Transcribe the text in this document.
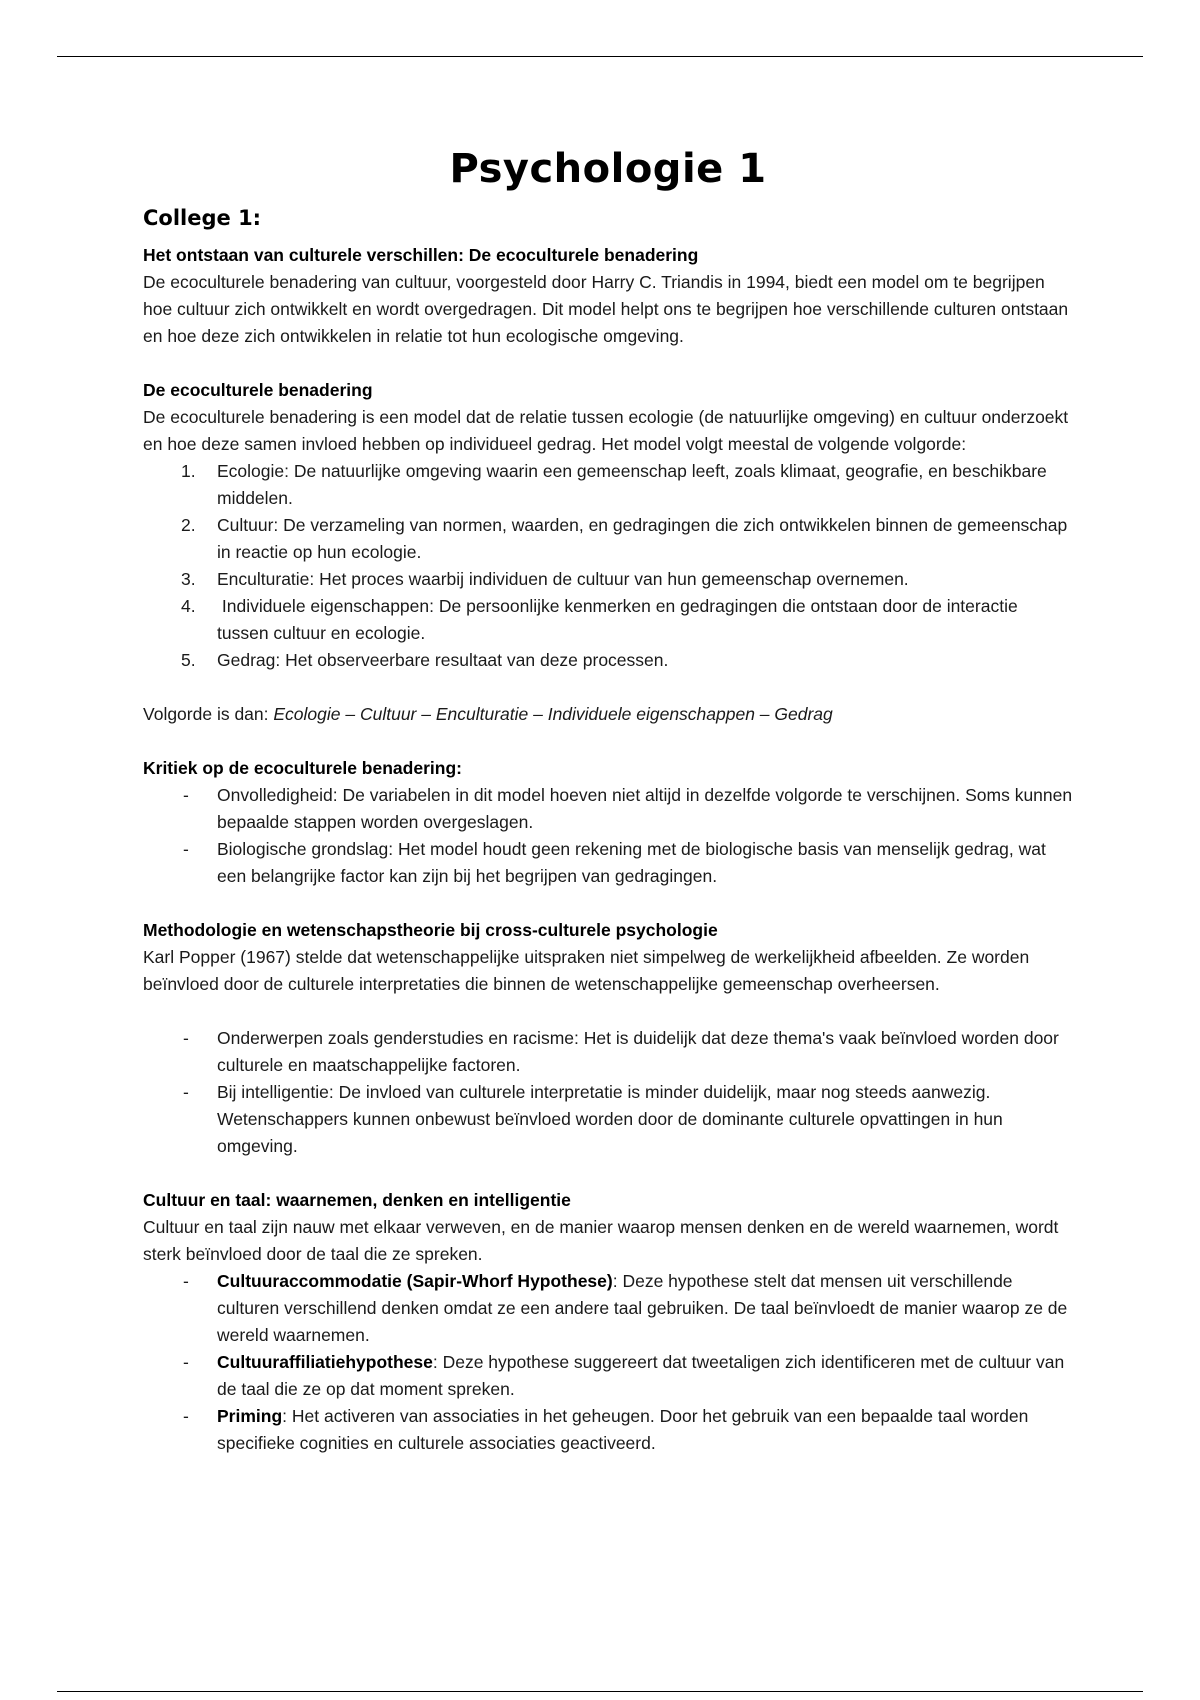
Psychologie 1
College 1:

Het ontstaan van culturele verschillen: De ecoculturele benadering

De ecoculturele benadering van cultuur, voorgesteld door Harry C. Triandis in 1994, biedt een model om te begrijpen hoe cultuur zich ontwikkelt en wordt overgedragen. Dit model helpt ons te begrijpen hoe verschillende culturen ontstaan en hoe deze zich ontwikkelen in relatie tot hun ecologische omgeving.

De ecoculturele benadering

De ecoculturele benadering is een model dat de relatie tussen ecologie (de natuurlijke omgeving) en cultuur onderzoekt en hoe deze samen invloed hebben op individueel gedrag. Het model volgt meestal de volgende volgorde:

1. Ecologie: De natuurlijke omgeving waarin een gemeenschap leeft, zoals klimaat, geografie, en beschikbare middelen.
2. Cultuur: De verzameling van normen, waarden, en gedragingen die zich ontwikkelen binnen de gemeenschap in reactie op hun ecologie.
3. Enculturatie: Het proces waarbij individuen de cultuur van hun gemeenschap overnemen.
4. Individuele eigenschappen: De persoonlijke kenmerken en gedragingen die ontstaan door de interactie tussen cultuur en ecologie.
5. Gedrag: Het observeerbare resultaat van deze processen.

Volgorde is dan: Ecologie – Cultuur – Enculturatie – Individuele eigenschappen – Gedrag

Kritiek op de ecoculturele benadering:

- Onvolledigheid: De variabelen in dit model hoeven niet altijd in dezelfde volgorde te verschijnen. Soms kunnen bepaalde stappen worden overgeslagen.
- Biologische grondslag: Het model houdt geen rekening met de biologische basis van menselijk gedrag, wat een belangrijke factor kan zijn bij het begrijpen van gedragingen.

Methodologie en wetenschapstheorie bij cross-culturele psychologie

Karl Popper (1967) stelde dat wetenschappelijke uitspraken niet simpelweg de werkelijkheid afbeelden. Ze worden beïnvloed door de culturele interpretaties die binnen de wetenschappelijke gemeenschap overheersen.

- Onderwerpen zoals genderstudies en racisme: Het is duidelijk dat deze thema's vaak beïnvloed worden door culturele en maatschappelijke factoren.
- Bij intelligentie: De invloed van culturele interpretatie is minder duidelijk, maar nog steeds aanwezig. Wetenschappers kunnen onbewust beïnvloed worden door de dominante culturele opvattingen in hun omgeving.

Cultuur en taal: waarnemen, denken en intelligentie

Cultuur en taal zijn nauw met elkaar verweven, en de manier waarop mensen denken en de wereld waarnemen, wordt sterk beïnvloed door de taal die ze spreken.

- Cultuuraccommodatie (Sapir-Whorf Hypothese): Deze hypothese stelt dat mensen uit verschillende culturen verschillend denken omdat ze een andere taal gebruiken. De taal beïnvloedt de manier waarop ze de wereld waarnemen.
- Cultuuraffiliatiehypothese: Deze hypothese suggereert dat tweetaligen zich identificeren met de cultuur van de taal die ze op dat moment spreken.
- Priming: Het activeren van associaties in het geheugen. Door het gebruik van een bepaalde taal worden specifieke cognities en culturele associaties geactiveerd.
